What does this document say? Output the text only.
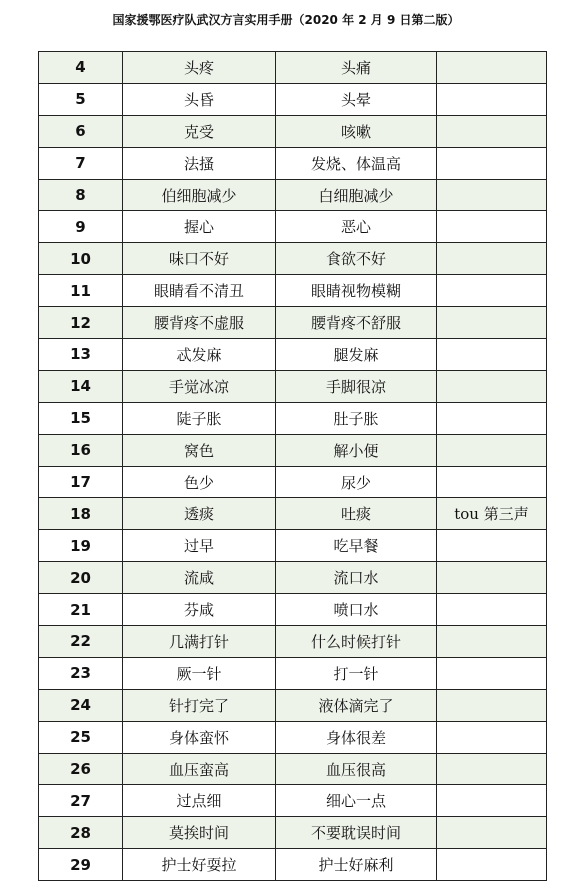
国家援鄂医疗队武汉方言实用手册（2020 年 2 月 9 日第二版）
4	头疼	头痛	
5	头昏	头晕	
6	克受	咳嗽	
7	法搔	发烧、体温高	
8	伯细胞减少	白细胞减少	
9	握心	恶心	
10	味口不好	食欲不好	
11	眼睛看不清丑	眼睛视物模糊	
12	腰背疼不虚服	腰背疼不舒服	
13	忒发麻	腿发麻	
14	手觉冰凉	手脚很凉	
15	陡子胀	肚子胀	
16	窝色	解小便	
17	色少	尿少	
18	透痰	吐痰	tou 第三声
19	过早	吃早餐	
20	流咸	流口水	
21	芬咸	喷口水	
22	几满打针	什么时候打针	
23	厥一针	打一针	
24	针打完了	液体滴完了	
25	身体蛮怀	身体很差	
26	血压蛮高	血压很高	
27	过点细	细心一点	
28	莫挨时间	不要耽误时间	
29	护士好耍拉	护士好麻利	
